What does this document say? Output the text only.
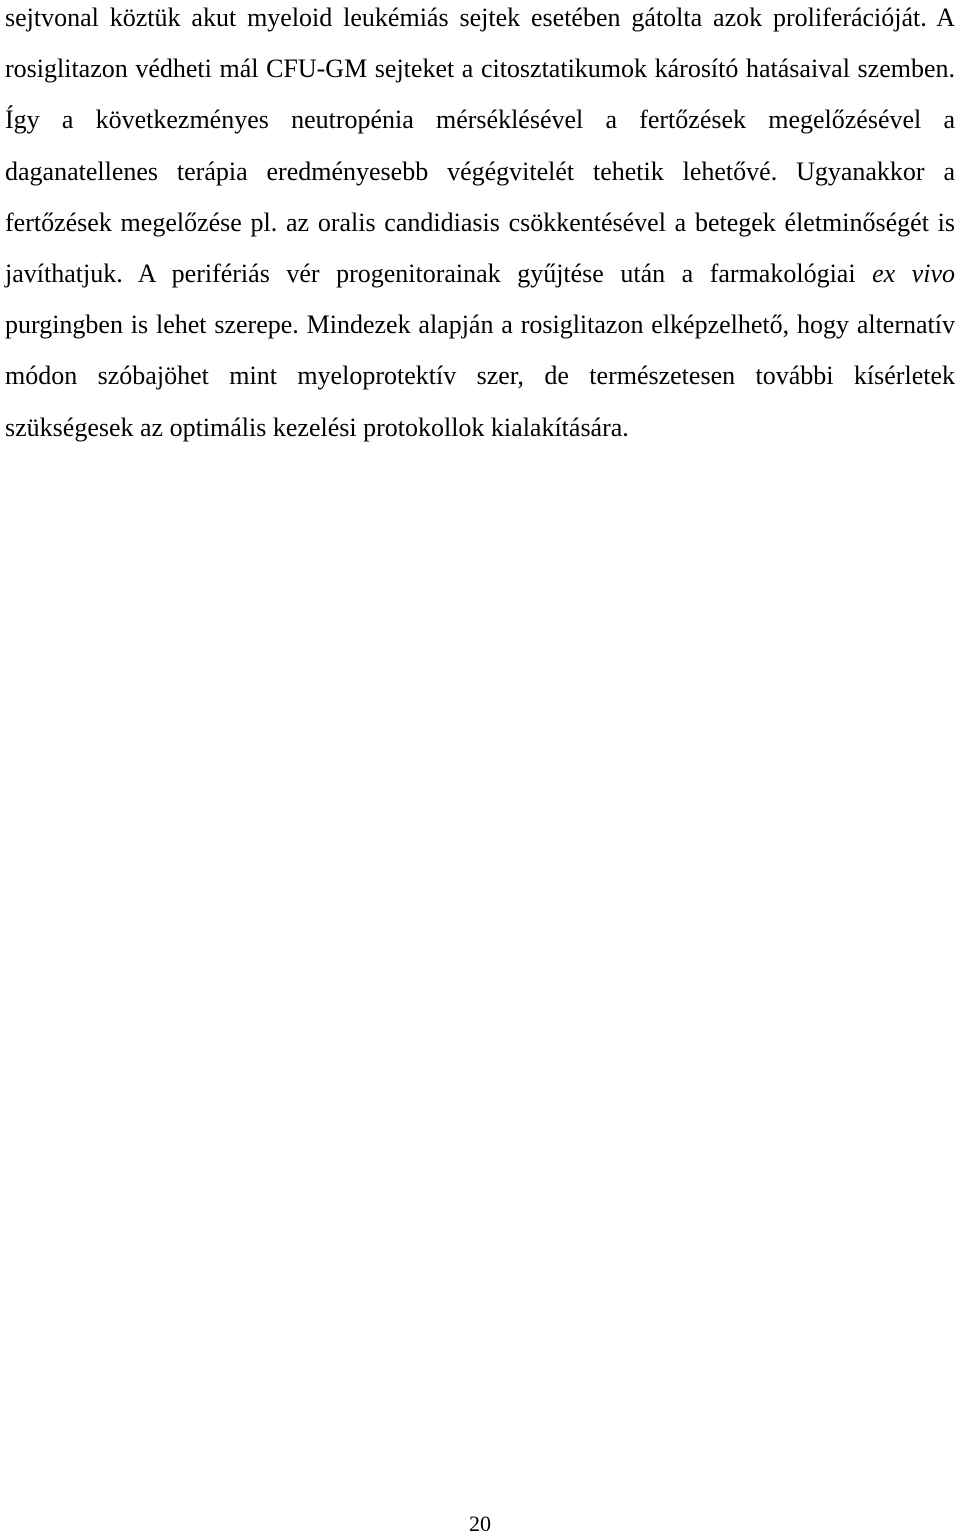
sejtvonal köztük akut myeloid leukémiás sejtek esetében gátolta azok proliferációját. A rosiglitazon védheti mál CFU-GM sejteket a citosztatikumok károsító hatásaival szemben. Így a következményes neutropénia mérséklésével a fertőzések megelőzésével a daganatellenes terápia eredményesebb végégvitelét tehetik lehetővé. Ugyanakkor a fertőzések megelőzése pl. az oralis candidiasis csökkentésével a betegek életminőségét is javíthatjuk. A perifériás vér progenitorainak gyűjtése után a farmakológiai ex vivo purgingben is lehet szerepe. Mindezek alapján a rosiglitazon elképzelhető, hogy alternatív módon szóbajöhet mint myeloprotektív szer, de természetesen további kísérletek szükségesek az optimális kezelési protokollok kialakítására.

20
